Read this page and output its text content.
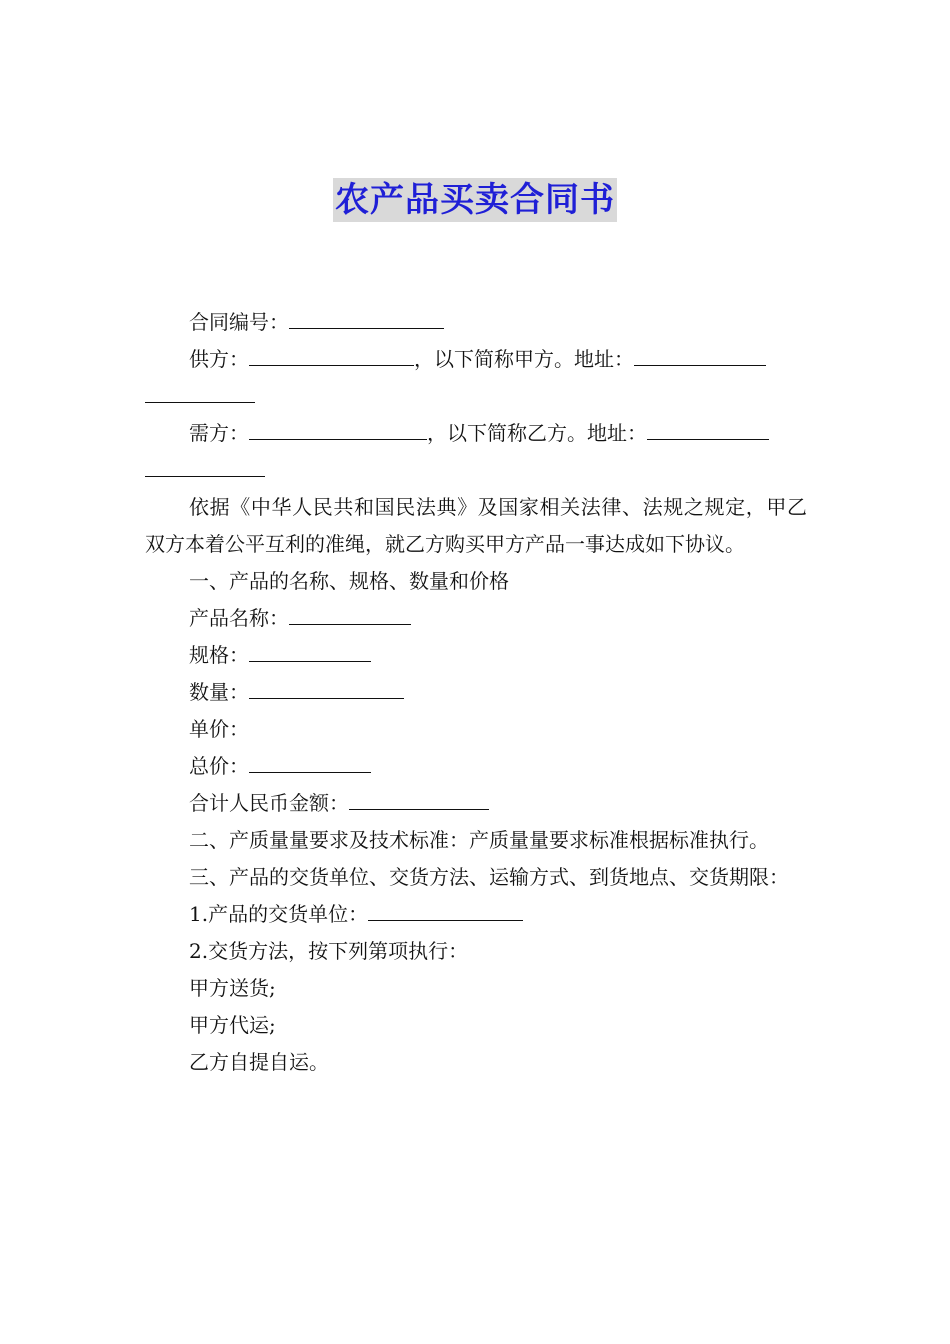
农产品买卖合同书

合同编号：

供方：	，以下简称甲方。地址：

需方：	，以下简称乙方。地址：

依据《中华人民共和国民法典》及国家相关法律、法规之规定，甲乙双方本着公平互利的准绳，就乙方购买甲方产品一事达成如下协议。

一、产品的名称、规格、数量和价格

产品名称：

规格：

数量：

单价：

总价：

合计人民币金额：

二、产质量量要求及技术标准：产质量量要求标准根据标准执行。

三、产品的交货单位、交货方法、运输方式、到货地点、交货期限：

1.产品的交货单位：

2.交货方法，按下列第项执行：

甲方送货;

甲方代运;

乙方自提自运。
